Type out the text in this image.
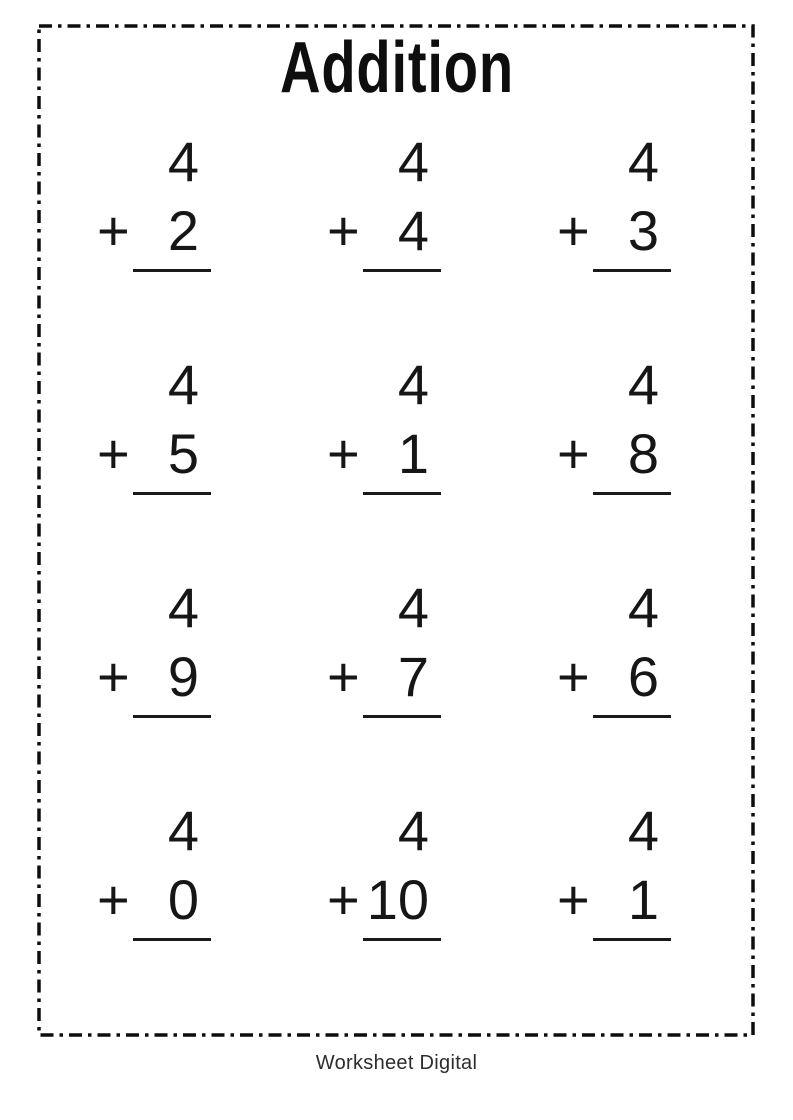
Addition
4
+ 2
4
+ 4
4
+ 3
4
+ 5
4
+ 1
4
+ 8
4
+ 9
4
+ 7
4
+ 6
4
+ 0
4
+ 10
4
+ 1
Worksheet Digital
